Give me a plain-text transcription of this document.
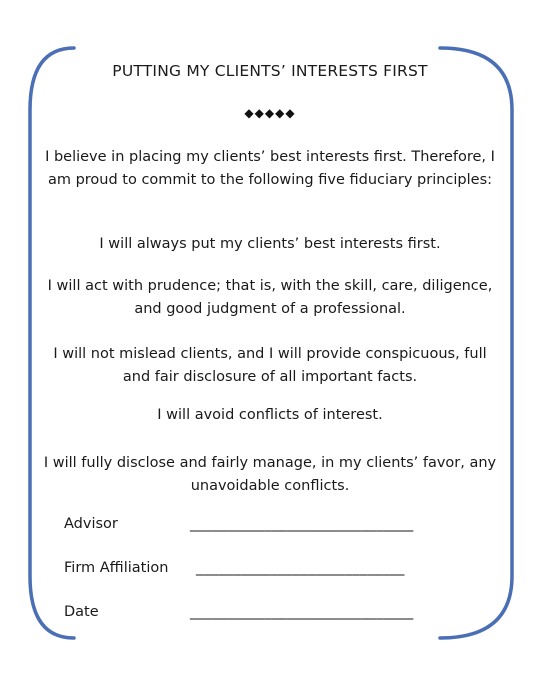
PUTTING MY CLIENTS’ INTERESTS FIRST
◆◆◆◆◆
I believe in placing my clients’ best interests first. Therefore, I am proud to commit to the following five fiduciary principles:
I will always put my clients’ best interests first.
I will act with prudence; that is, with the skill, care, diligence, and good judgment of a professional.
I will not mislead clients, and I will provide conspicuous, full and fair disclosure of all important facts.
I will avoid conflicts of interest.
I will fully disclose and fairly manage, in my clients’ favor, any unavoidable conflicts.
Advisor	______________________________
Firm Affiliation ____________________________
Date	______________________________
